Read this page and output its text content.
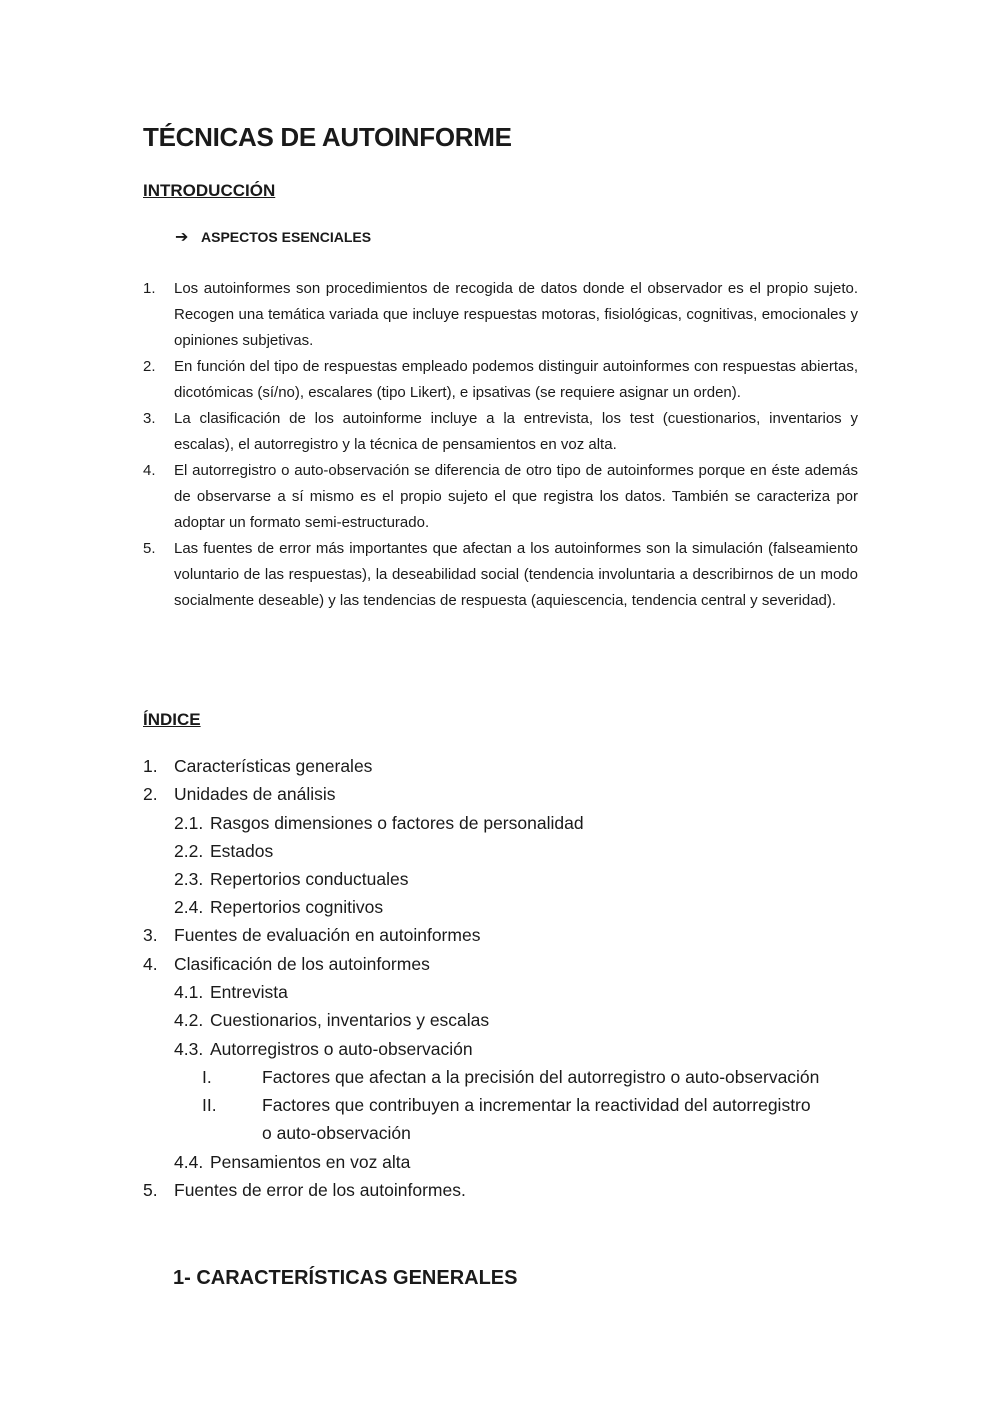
TÉCNICAS DE AUTOINFORME
INTRODUCCIÓN
➔ ASPECTOS ESENCIALES
1. Los autoinformes son procedimientos de recogida de datos donde el observador es el propio sujeto. Recogen una temática variada que incluye respuestas motoras, fisiológicas, cognitivas, emocionales y opiniones subjetivas.
2. En función del tipo de respuestas empleado podemos distinguir autoinformes con respuestas abiertas, dicotómicas (sí/no), escalares (tipo Likert), e ipsativas (se requiere asignar un orden).
3. La clasificación de los autoinforme incluye a la entrevista, los test (cuestionarios, inventarios y escalas), el autorregistro y la técnica de pensamientos en voz alta.
4. El autorregistro o auto-observación se diferencia de otro tipo de autoinformes porque en éste además de observarse a sí mismo es el propio sujeto el que registra los datos. También se caracteriza por adoptar un formato semi-estructurado.
5. Las fuentes de error más importantes que afectan a los autoinformes son la simulación (falseamiento voluntario de las respuestas), la deseabilidad social (tendencia involuntaria a describirnos de un modo socialmente deseable) y las tendencias de respuesta (aquiescencia, tendencia central y severidad).
ÍNDICE
1. Características generales
2. Unidades de análisis
2.1. Rasgos dimensiones o factores de personalidad
2.2. Estados
2.3. Repertorios conductuales
2.4. Repertorios cognitivos
3. Fuentes de evaluación en autoinformes
4. Clasificación de los autoinformes
4.1. Entrevista
4.2. Cuestionarios, inventarios y escalas
4.3. Autorregistros o auto-observación
I.	Factores que afectan a la precisión del autorregistro o auto-observación
II.	Factores que contribuyen a incrementar la reactividad del autorregistro
o auto-observación
4.4. Pensamientos en voz alta
5. Fuentes de error de los autoinformes.
1- CARACTERÍSTICAS GENERALES
